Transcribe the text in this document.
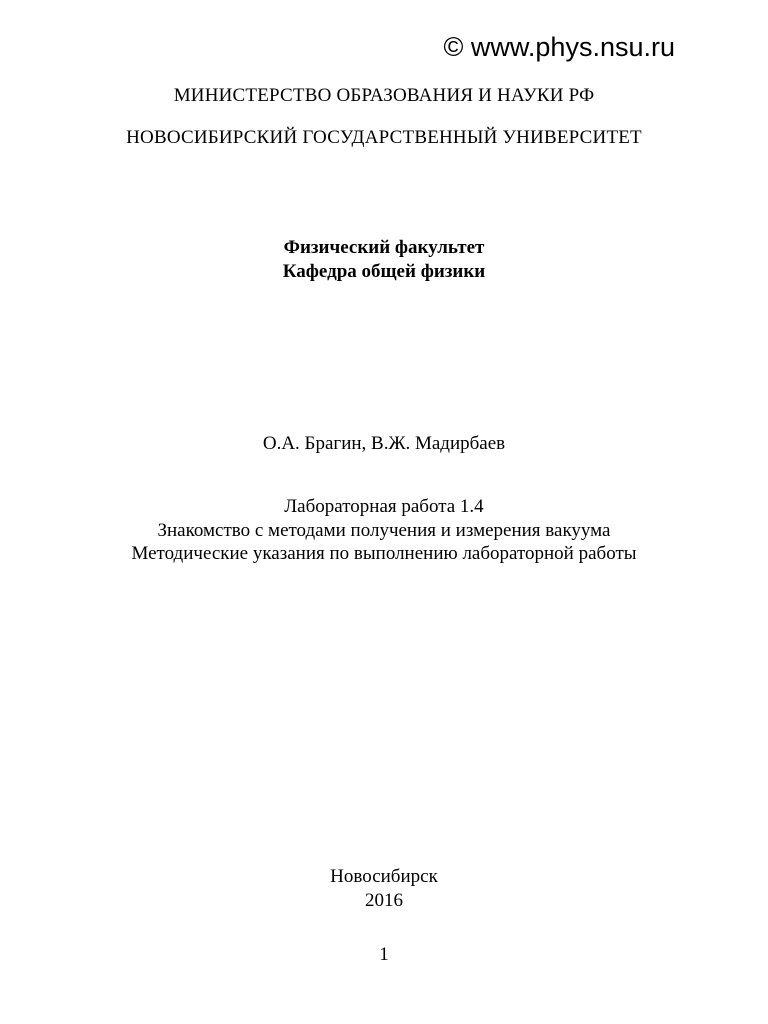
© www.phys.nsu.ru
МИНИСТЕРСТВО ОБРАЗОВАНИЯ И НАУКИ РФ
НОВОСИБИРСКИЙ ГОСУДАРСТВЕННЫЙ УНИВЕРСИТЕТ
Физический факультет
Кафедра общей физики
О.А. Брагин, В.Ж. Мадирбаев
Лабораторная работа 1.4
Знакомство с методами получения и измерения вакуума
Методические указания по выполнению лабораторной работы
Новосибирск
2016
1
